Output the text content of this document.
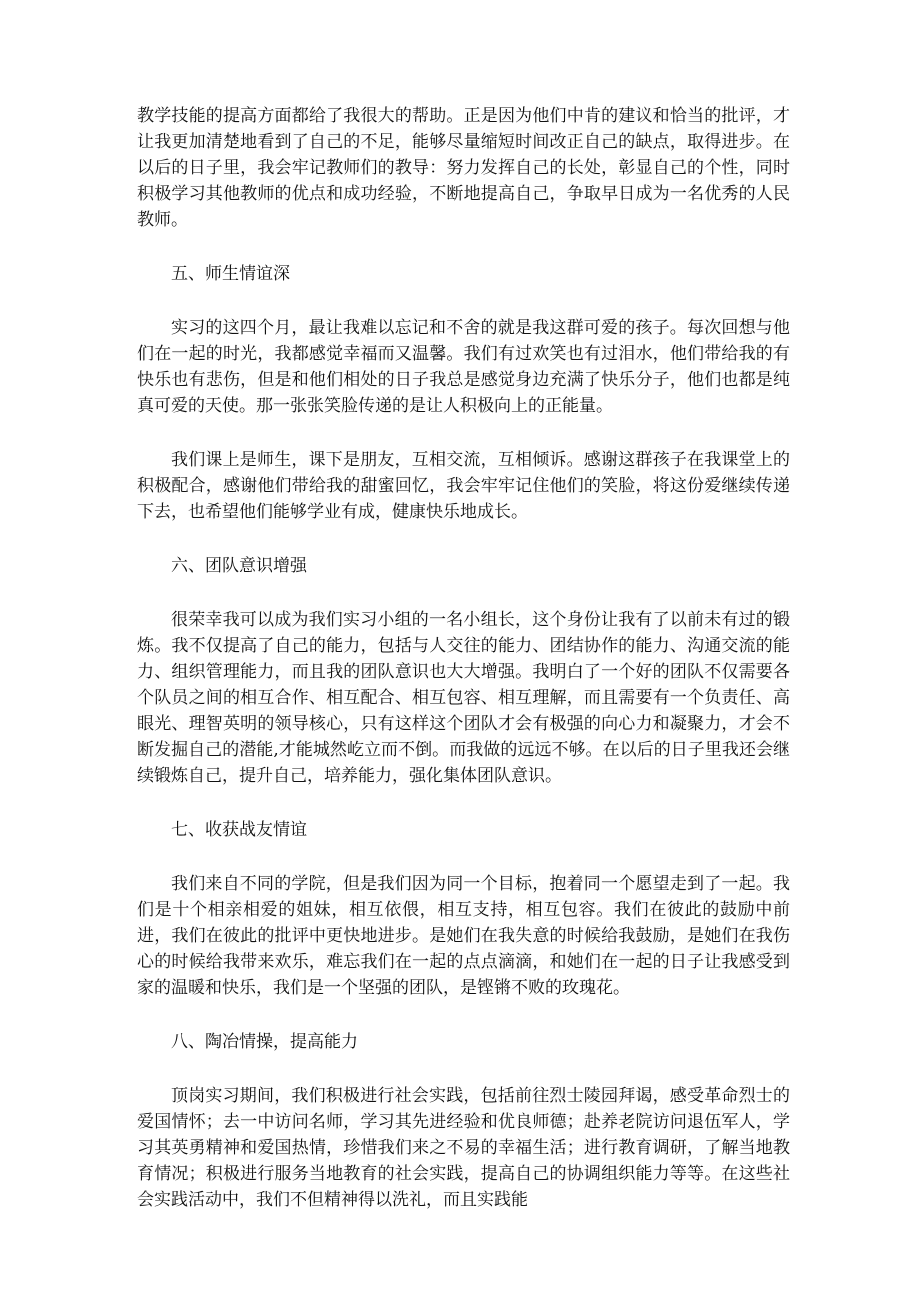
教学技能的提高方面都给了我很大的帮助。正是因为他们中肯的建议和恰当的批评，才让我更加清楚地看到了自己的不足，能够尽量缩短时间改正自己的缺点，取得进步。在以后的日子里，我会牢记教师们的教导：努力发挥自己的长处，彰显自己的个性，同时积极学习其他教师的优点和成功经验，不断地提高自己，争取早日成为一名优秀的人民教师。

五、师生情谊深

实习的这四个月，最让我难以忘记和不舍的就是我这群可爱的孩子。每次回想与他们在一起的时光，我都感觉幸福而又温馨。我们有过欢笑也有过泪水，他们带给我的有快乐也有悲伤，但是和他们相处的日子我总是感觉身边充满了快乐分子，他们也都是纯真可爱的天使。那一张张笑脸传递的是让人积极向上的正能量。

我们课上是师生，课下是朋友，互相交流，互相倾诉。感谢这群孩子在我课堂上的积极配合，感谢他们带给我的甜蜜回忆，我会牢牢记住他们的笑脸，将这份爱继续传递下去，也希望他们能够学业有成，健康快乐地成长。

六、团队意识增强

很荣幸我可以成为我们实习小组的一名小组长，这个身份让我有了以前未有过的锻炼。我不仅提高了自己的能力，包括与人交往的能力、团结协作的能力、沟通交流的能力、组织管理能力，而且我的团队意识也大大增强。我明白了一个好的团队不仅需要各个队员之间的相互合作、相互配合、相互包容、相互理解，而且需要有一个负责任、高眼光、理智英明的领导核心，只有这样这个团队才会有极强的向心力和凝聚力，才会不断发掘自己的潜能,才能城然屹立而不倒。而我做的远远不够。在以后的日子里我还会继续锻炼自己，提升自己，培养能力，强化集体团队意识。

七、收获战友情谊

我们来自不同的学院，但是我们因为同一个目标，抱着同一个愿望走到了一起。我们是十个相亲相爱的姐妹，相互依偎，相互支持，相互包容。我们在彼此的鼓励中前进，我们在彼此的批评中更快地进步。是她们在我失意的时候给我鼓励，是她们在我伤心的时候给我带来欢乐，难忘我们在一起的点点滴滴，和她们在一起的日子让我感受到家的温暖和快乐，我们是一个坚强的团队，是铿锵不败的玫瑰花。

八、陶冶情操，提高能力

顶岗实习期间，我们积极进行社会实践，包括前往烈士陵园拜谒，感受革命烈士的爱国情怀；去一中访问名师，学习其先进经验和优良师德；赴养老院访问退伍军人，学习其英勇精神和爱国热情，珍惜我们来之不易的幸福生活；进行教育调研，了解当地教育情况；积极进行服务当地教育的社会实践，提高自己的协调组织能力等等。在这些社会实践活动中，我们不但精神得以洗礼，而且实践能
